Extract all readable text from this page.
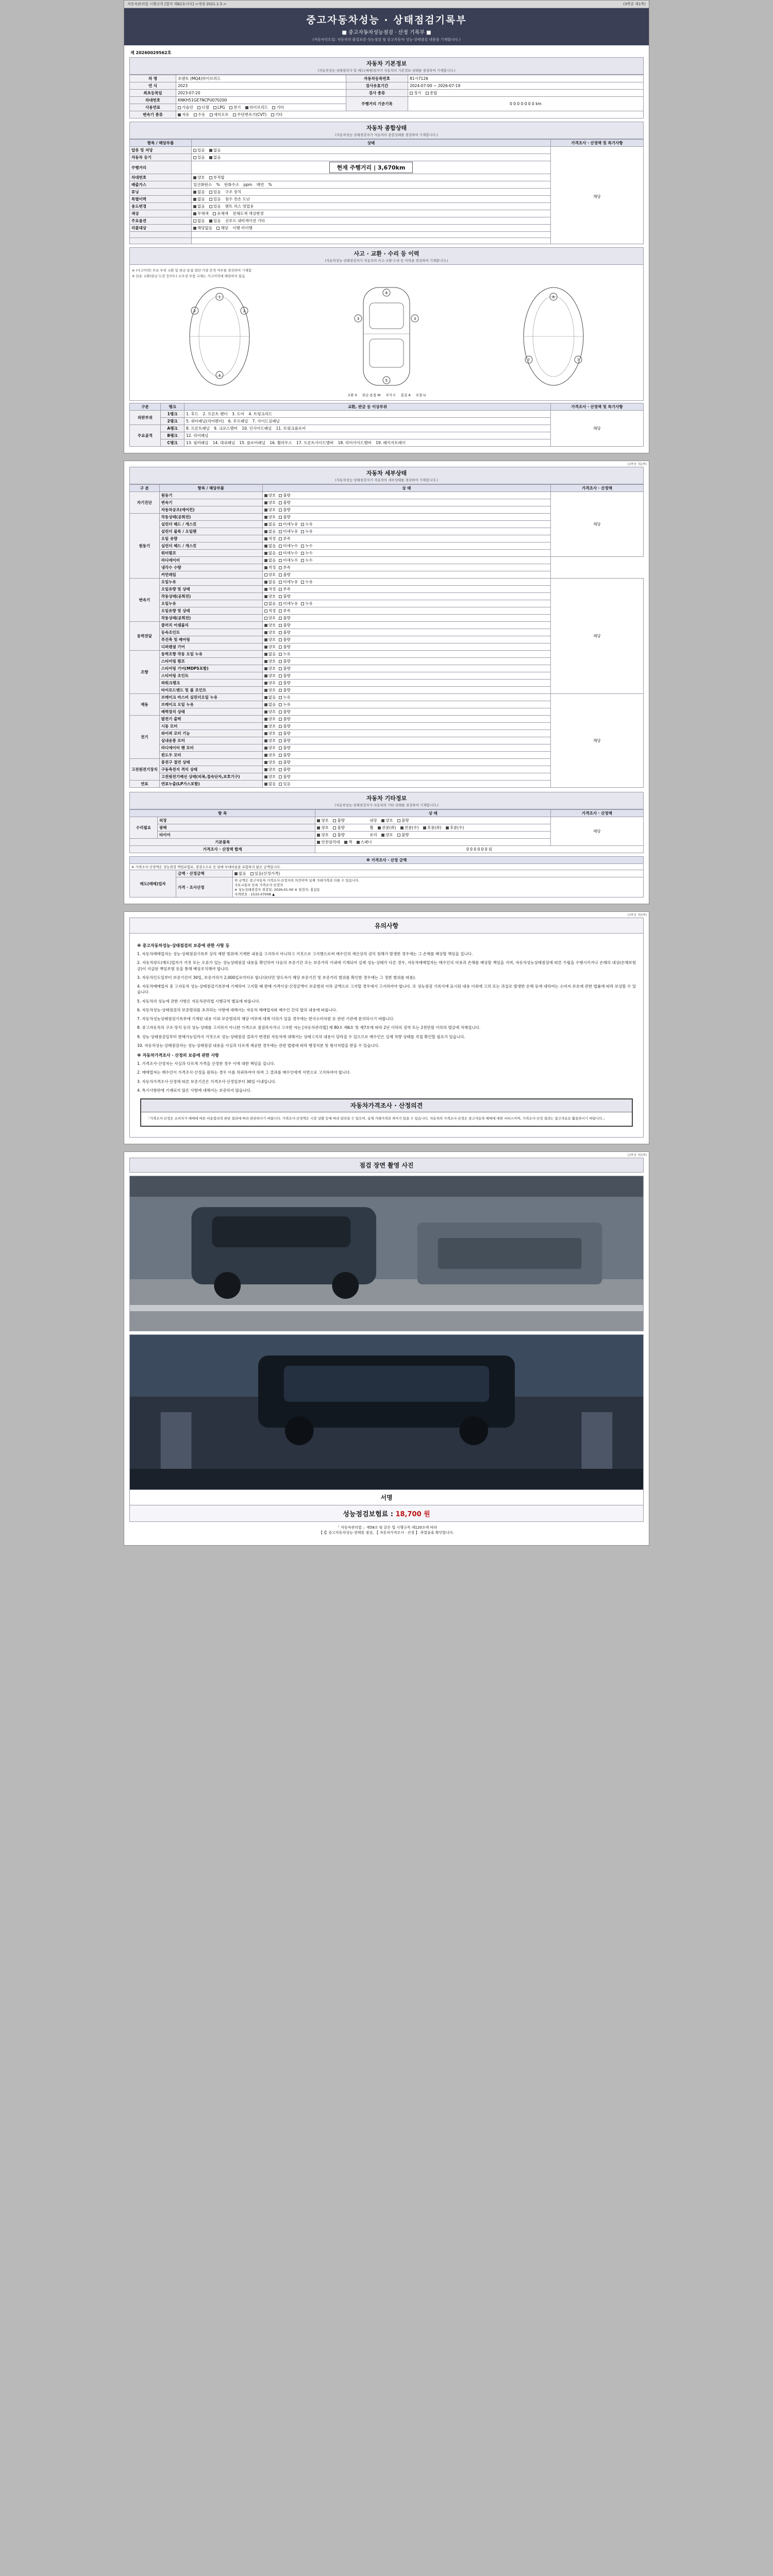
자동차관리법 시행규칙 [별지 제82호서식] <개정 2021.1.5.>	(3쪽중 제1쪽)
중고자동차성능 · 상태점검기록부
■ 중고자동차성능점검 · 산정 기록부 ■
(자동차인도일: 자동차의 품질보증·성능점검 및 중고자동차 성능·상태점검 내용을 기재합니다.)
제 20260029562호
자동차 기본정보
(자동차성능·상태점검자 및 매도(매매)업자가 자동차의 기본정보·상태를 점검하여 기재합니다.)
차 명	쏘렌토 (MQ4)하이브리드	자동차등록번호	81서7126
연 식	2023	검사유효기간	2024-07-00 ~ 2026-07-19
최초등록일	2023-07-20	검사 종류	정기 종합
차대번호	KNKH51GE7NCPU070200	주행거리 기준기록	0 0 0 0 0 0 0 km
사용연료	가솔린 디젤 LPG 전기 하이브리드 기타		
변속기 종류	자동 수동 세미오토 무단변속기(CVT) 기타		
자동차 종합상태
(자동차성능·상태점검자가 자동차의 종합상태를 점검하여 기재합니다.)
항목 / 해당부품	상태	가격조사 · 산정액 및 특기사항
압류 및 저당	있음 없음	해당

자동차 등기	있음 없음	
주행거리	현재 주행거리 | 3,670km	

차대번호	양호 부적합	
배출가스	일산화탄소 % 탄화수소 ppm 매연 %	
튜닝	없음 있음 구조 장치	
특별이력	없음 있음 침수 전손 도난	
용도변경	없음 있음 렌트 리스 영업용	
색상	무채색 유채색 전체도색 색상변경	
주요옵션	없음 있음 선루프 내비게이션 기타	
리콜대상	해당없음 해당 이행 미이행	

사고 · 교환 · 수리 등 이력
(자동차성능·상태점검자가 자동차의 사고·교환·수리 등 이력을 점검하여 기재합니다.)
※ (사고이력) 주요 부위 교환 및 판금·용접·절단·가열 흔적 여부를 점검하여 기재함
※ 단순 교환(판금·도장 등)이나 소모성 부품 교체는 사고이력에 해당하지 않음
2	2
1
4
3	3
6
5
7	7
8
교환 X 판금·용접 W 부식 C 흠집 A 요철 U
구분	랭크	교환, 판금 등 이상부위	가격조사 · 산정액 및 특기사항
외판부위	1랭크	1. 후드 2. 프론트 펜더 3. 도어 4. 트렁크리드	해당
	2랭크	5. 쿼터패널(리어펜더) 6. 루프패널 7. 사이드실패널	
주요골격	A랭크	8. 프론트패널 9. 크로스멤버 10. 인사이드패널 11. 트렁크플로어	
	B랭크	12. 리어패널	
	C랭크	13. 필러패널 14. 대쉬패널 15. 플로어패널 16. 휠하우스 17. 프론트사이드멤버 18. 리어사이드멤버 19. 패키지트레이	
(3쪽중 제2쪽)
자동차 세부상태
(자동차성능·상태점검자가 자동차의 세부상태를 점검하여 기재합니다.)
구 분	항목 / 해당부품	상 태	가격조사 · 산정액
자기진단	원동기	양호 불량	해당
	변속기	양호 불량	
	자동차공조(에어컨)	양호 불량	
원동기	작동상태(공회전)	양호 불량	
	실린더 헤드 / 개스킷	없음 미세누유 누유	
	실린더 블록 / 오일팬	없음 미세누유 누유	
	오일 유량	적정 부족	
	실린더 헤드 / 개스킷	없음 미세누수 누수	
	워터펌프	없음 미세누수 누수	
	라디에이터	없음 미세누수 누수	
	냉각수 수량	적정 부족	
	커먼레일	양호 불량	
변속기	오일누유	없음 미세누유 누유	해당
	오일유량 및 상태	적정 부족	
	작동상태(공회전)	양호 불량	
	오일누유	없음 미세누유 누유	
	오일유량 및 상태	적정 부족	
	작동상태(공회전)	양호 불량	
동력전달	클러치 어셈블리	양호 불량	
	등속조인트	양호 불량	
	추진축 및 베어링	양호 불량	
	디퍼렌셜 기어	양호 불량	
조향	동력조향 작동 오일 누유	없음 누유	
	스티어링 펌프	양호 불량	
	스티어링 기어(MDPS포함)	양호 불량	
	스티어링 조인트	양호 불량	
	파워크랭크	양호 불량	
	타이로드엔드 및 볼 조인트	양호 불량	
제동	브레이크 마스터 실린더오일 누유	없음 누유	해당
	브레이크 오일 누유	없음 누유	
	배력장치 상태	양호 불량	
전기	발전기 출력	양호 불량	
	시동 모터	양호 불량	
	와이퍼 모터 기능	양호 불량	
	실내송풍 모터	양호 불량	
	라디에이터 팬 모터	양호 불량	
	윈도우 모터	양호 불량	
고전원전기장치	충전구 절연 상태	양호 불량	
	구동축전지 격리 상태	양호 불량	
	고전원전기배선 상태(피복,접속단자,보호기구)	양호 불량	
연료	연료누출(LP가스포함)	없음 있음	
자동차 기타정보
(자동차성능·상태점검자가 자동차의 기타 상태를 점검하여 기재합니다.)
항 목		상 태	가격조사 · 산정액
수리필요	외장	양호 불량 내장 양호 불량	해당
	광택	양호 불량 휠 전륜(좌) 전륜(우) 후륜(좌) 후륜(우)	
	타이어	양호 불량 유리 양호 불량	
기본품목		안전삼각대 잭 스패너	
가격조사 · 산정액 합계		0 0 0 0 0 0 원	
※ 가격조사 · 산정 금액		
※ 가격조사·산정액은 성능점검 책임보험료, 점검수수료 등 판매 부대비용을 포함하지 않은 금액입니다.		

매도(매매)업자	금액 · 산정금액	없음 있음(산정가격)
	가격 · 조사산정	위 금액은 중고자동차 가격조사·산정자의 의견이며 실제 거래가격과 다를 수 있습니다.
국토교통부 등록 가격조사·산정자
※ 성능상태점검자 점검일: 2026-01-00 ※ 점검자: 홍길동
자격번호 : 1533-07008 ▲
(3쪽중 제3쪽)
유의사항
※ 중고자동차성능·상태점검의 보증에 관한 사항 등

1. 자동차매매업자는 성능·상태점검기록부 상의 제한 범위에 기재한 내용을 고지하지 아니하고 거짓으로 고지했으로써 매수인의 재산상의 권익 침해가 발생한 경우에는 그 손해를 배상할 책임을 집니다.

2. 자동차양도(매도)업자가 거짓 또는 오류가 있는 성능상태점검 내용을 확인하여 다음의 보증기간 또는 보증거리 이내에 기재되어 실제 성능·상태가 다른 경우, 자동차매매업자는 매수인의 비용과 손해를 배상할 책임을 지며, 자동차성능상태점검에 따른 수립을 수행시키거나 손해의 내상(손해보험금)이 지급된 책임보험 등을 통해 배상조치해야 합니다.

3. 자동차인도일부터 보증기간이 30일, 보증거리가 2,000킬로미터로 합니다(다만 양도자가 해당 보증기간 및 보증거리 범위를 확인한 경우에는 그 정한 범위를 따름).

4. 자동차매매업자 중 고자동차 성능·상태점검기록부에 기재하여 고지할 때 판매 가격이상·산정금액이 보증범위 이하 금액으로 고지할 경우에서 고지하여야 합니다. 또 성능점검 기록지에 표시된 내용 이외에 고의 또는 과실로 발생한 손해 등에 대하여는 소비자 보호에 관한 법률에 따라 보상할 수 있습니다.

5. 자동차의 성능에 관한 사항은 자동차관리법 시행규칙 별표에 따릅니다.

6. 자동차성능·상태점검의 보증범위를 초과하는 사항에 대해서는 자동차 매매업자와 매수인 간의 합의 내용에 따릅니다.

7. 자동차성능상태점검기록부에 기재된 내용 이외 보증범위의 해당 여부에 대해 이의가 있을 경우에는 한국소비자원 등 관련 기관에 문의하시기 바랍니다.

8. 중고자동차의 구조·장치 등의 성능·상태를 고지하지 아니한 가격으로 점검하지거나 고지한 자는 [자동차관리법] 제 80조 제6호 및 제7호에 따라 2년 이하의 징역 또는 2천만원 이하의 벌금에 처해집니다.

9. 성능·상태점검일부터 판매가능일까지 거짓으로 성능·상태점검 결과가 변경된 자동차에 대해서는 상태고지의 내용이 달라질 수 있으므로 매수인은 실제 차량 상태를 직접 확인할 필요가 있습니다.

10. 자동차성능·상태점검자는 성능·상태점검 내용을 사실과 다르게 제공한 경우에는 관련 법령에 따라 행정처분 및 형사처벌을 받을 수 있습니다.

※ 자동차가격조사 · 산정의 보증에 관한 사항

1. 가격조사·산정자는 사실과 다르게 가격을 산정한 경우 이에 대한 책임을 집니다.

2. 매매업자는 매수인이 가격조사·산정을 원하는 경우 이를 의뢰하여야 하며 그 결과를 매수인에게 서면으로 고지하여야 합니다.

3. 자동차가격조사·산정에 따른 보증기간은 가격조사·산정일부터 30일 이내입니다.

4. 특기사항란에 기재되지 않은 사항에 대해서는 보증하지 않습니다.

자동차가격조사 · 산정의견
「가격조사·산정은 소비자가 매매에 따른 비용합리적 판단 결과에 따라 판단하시기 바랍니다. 가격조사·산정액은 시장 상황 등에 따라 달라질 수 있으며, 실제 거래가격과 차이가 있을 수 있습니다. 자동차의 가격조사·산정은 중고자동차 매매에 대한 서비스이며, 가격조사·산정 결과는 참고자료로 활용하시기 바랍니다.」
(3쪽중 제3쪽)
점검 장면 촬영 사진
서명
성능점검보험료 : 18,700 원
「 자동차관리법 」제58조 및 같은 법 시행규칙 제120조에 따라
【 Ⅰ】중고자동차성능·상태를 점검, 【 자동차가격조사 · 산정 】 하였음을 확인합니다.
